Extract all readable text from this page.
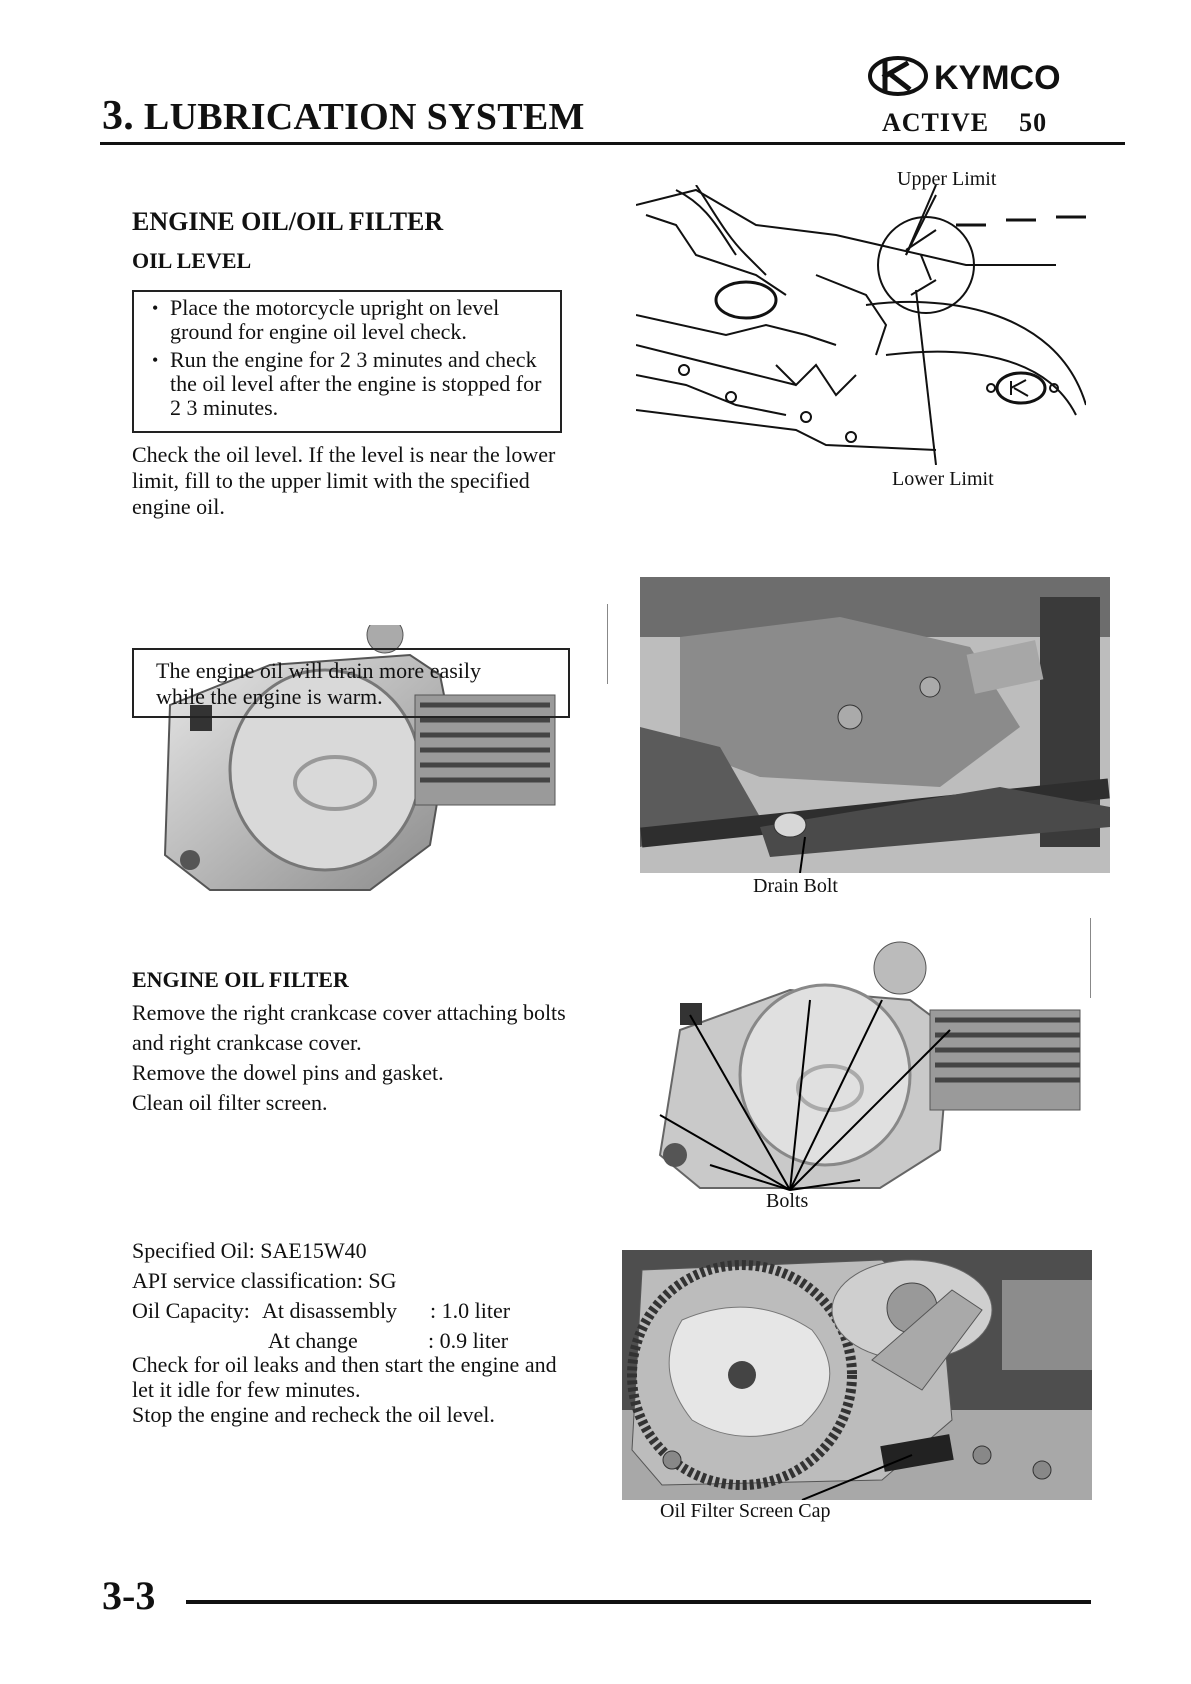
3. LUBRICATION SYSTEM
KYMCO
ACTIVE    50
ENGINE OIL/OIL FILTER
OIL LEVEL
• Place the motorcycle upright on level ground for engine oil level check.
• Run the engine for 2 3 minutes and check the oil level after the engine is stopped for 2 3 minutes.
Check the oil level. If the level is near the lower limit, fill to the upper limit with the specified engine oil.
Upper Limit
Lower Limit
The engine oil will drain more easily while the engine is warm.
Drain Bolt
ENGINE OIL FILTER
Remove the right crankcase cover attaching bolts and right crankcase cover.
Remove the dowel pins and gasket.
Clean oil filter screen.
Bolts
Specified Oil: SAE15W40
API service classification: SG
Oil Capacity: At disassembly : 1.0 liter
At change	: 0.9 liter
Check for oil leaks and then start the engine and let it idle for few minutes.
Stop the engine and recheck the oil level.
Oil Filter Screen Cap
3-3
